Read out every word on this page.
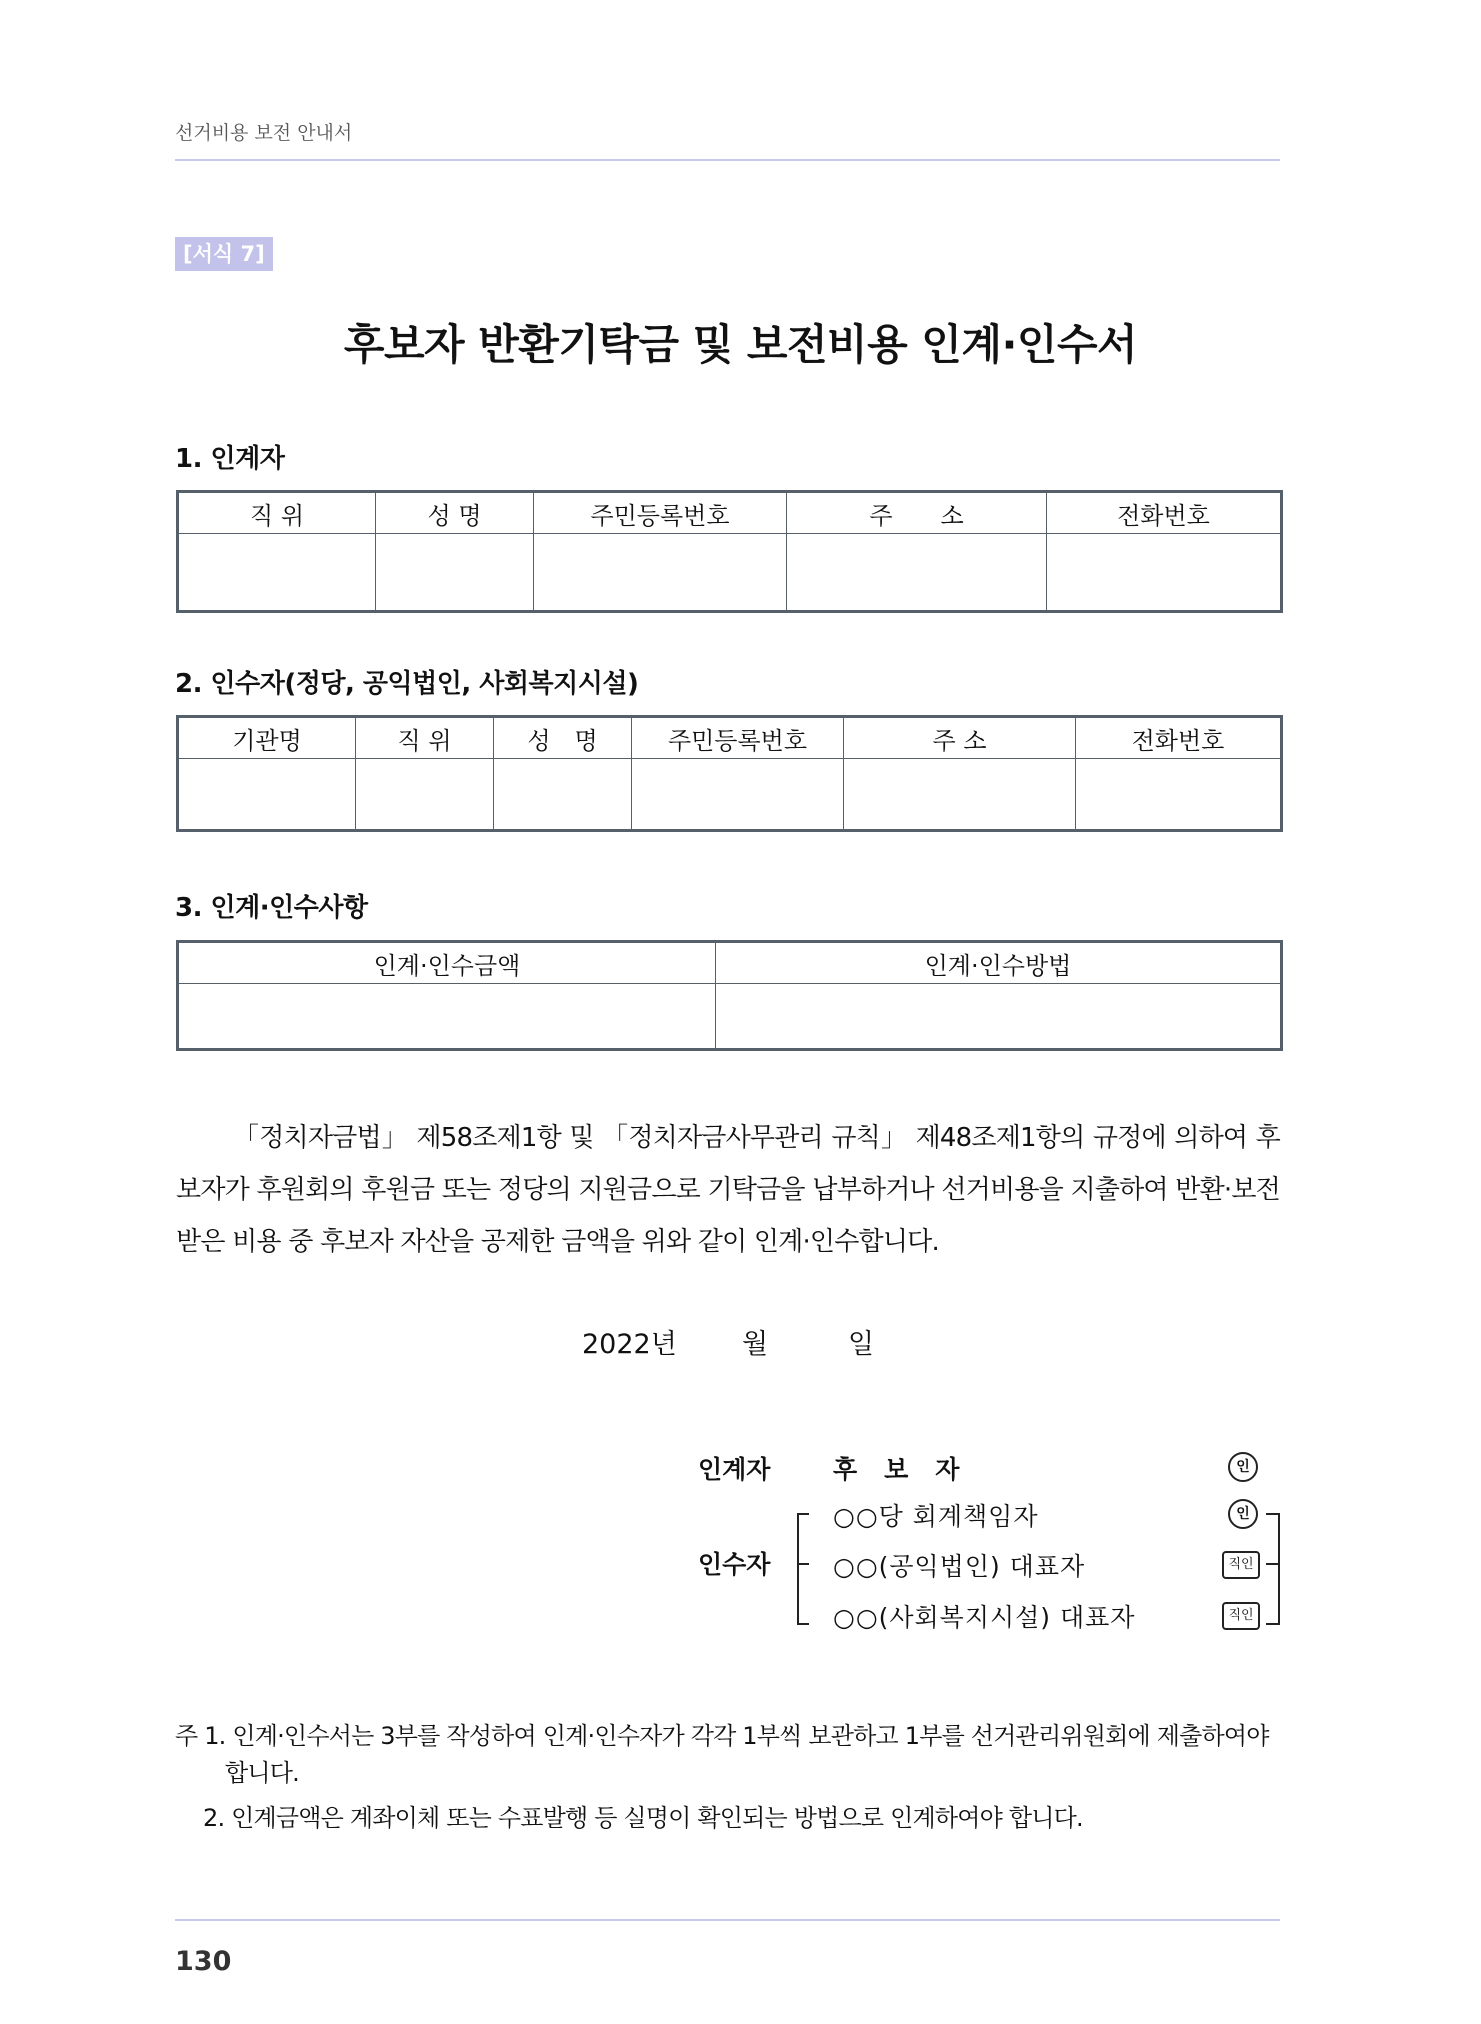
선거비용 보전 안내서
[서식 7]
후보자 반환기탁금 및 보전비용 인계·인수서
1. 인계자
직 위	성 명	주민등록번호	주　　소	전화번호

2. 인수자(정당, 공익법인, 사회복지시설)
기관명	직 위	성　명	주민등록번호	주 소	전화번호

3. 인계·인수사항
인계·인수금액	인계·인수방법

「정치자금법」 제58조제1항 및 「정치자금사무관리 규칙」 제48조제1항의 규정에 의하여 후보자가 후원회의 후원금 또는 정당의 지원금으로 기탁금을 납부하거나 선거비용을 지출하여 반환·보전받은 비용 중 후보자 자산을 공제한 금액을 위와 같이 인계·인수합니다.
2022년 월	일
인계자	후　보　자	인
인수자
○○당 회계책임자
○○(공익법인) 대표자
○○(사회복지시설) 대표자
인
직인
직인
주 1. 인계·인수서는 3부를 작성하여 인계·인수자가 각각 1부씩 보관하고 1부를 선거관리위원회에 제출하여야
합니다.
2. 인계금액은 계좌이체 또는 수표발행 등 실명이 확인되는 방법으로 인계하여야 합니다.
130
